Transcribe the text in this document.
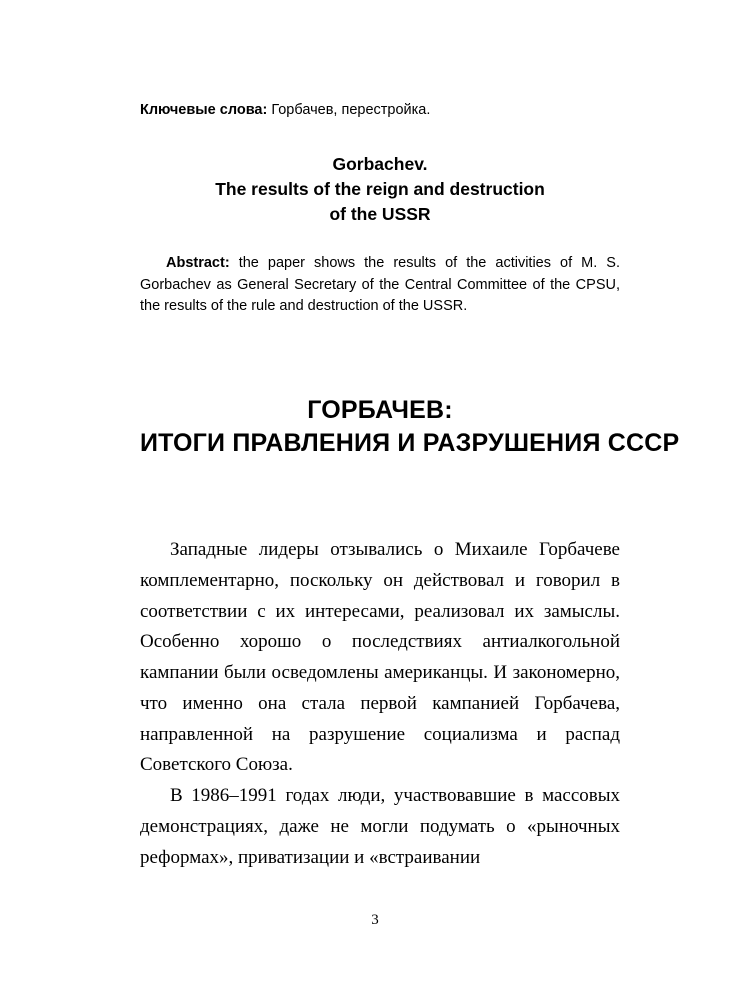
Ключевые слова: Горбачев, перестройка.

Gorbachev.
The results of the reign and destruction
of the USSR

Abstract: the paper shows the results of the activities of M. S. Gorbachev as General Secretary of the Central Committee of the CPSU, the results of the rule and destruction of the USSR.

ГОРБАЧЕВ:
ИТОГИ ПРАВЛЕНИЯ И РАЗРУШЕНИЯ СССР

Западные лидеры отзывались о Михаиле Горбачеве комплементарно, поскольку он действовал и говорил в соответствии с их интересами, реализовал их замыслы. Особенно хорошо о последствиях антиалкогольной кампании были осведомлены американцы. И закономерно, что именно она стала первой кампанией Горбачева, направленной на разрушение социализма и распад Советского Союза.

В 1986–1991 годах люди, участвовавшие в массовых демонстрациях, даже не могли подумать о «рыночных реформах», приватизации и «встраивании

3
